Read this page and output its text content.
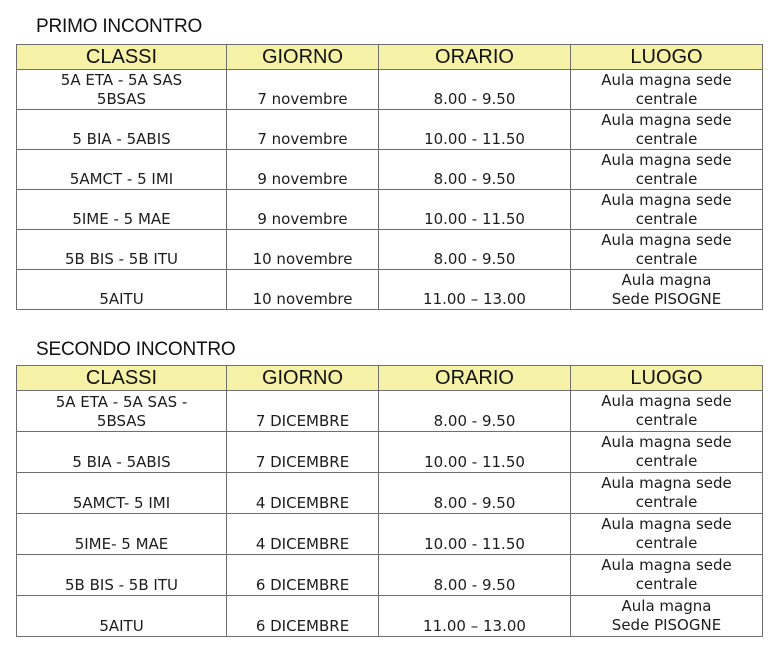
PRIMO INCONTRO
CLASSI	GIORNO	ORARIO	LUOGO

5A ETA - 5A SAS
5BSAS	7 novembre	8.00 - 9.50	Aula magna sede
centrale

5 BIA - 5ABIS	7 novembre	10.00 - 11.50	Aula magna sede
centrale

5AMCT - 5 IMI	9 novembre	8.00 - 9.50	Aula magna sede
centrale

5IME - 5 MAE	9 novembre	10.00 - 11.50	Aula magna sede
centrale

5B BIS - 5B ITU	10 novembre	8.00 - 9.50	Aula magna sede
centrale

5AITU	10 novembre	11.00 – 13.00	Aula magna
Sede PISOGNE
SECONDO INCONTRO
CLASSI	GIORNO	ORARIO	LUOGO

5A ETA - 5A SAS -
5BSAS	7 DICEMBRE	8.00 - 9.50	Aula magna sede
centrale

5 BIA - 5ABIS	7 DICEMBRE	10.00 - 11.50	Aula magna sede
centrale

5AMCT- 5 IMI	4 DICEMBRE	8.00 - 9.50	Aula magna sede
centrale

5IME- 5 MAE	4 DICEMBRE	10.00 - 11.50	Aula magna sede
centrale

5B BIS - 5B ITU	6 DICEMBRE	8.00 - 9.50	Aula magna sede
centrale

5AITU	6 DICEMBRE	11.00 – 13.00	Aula magna
Sede PISOGNE
